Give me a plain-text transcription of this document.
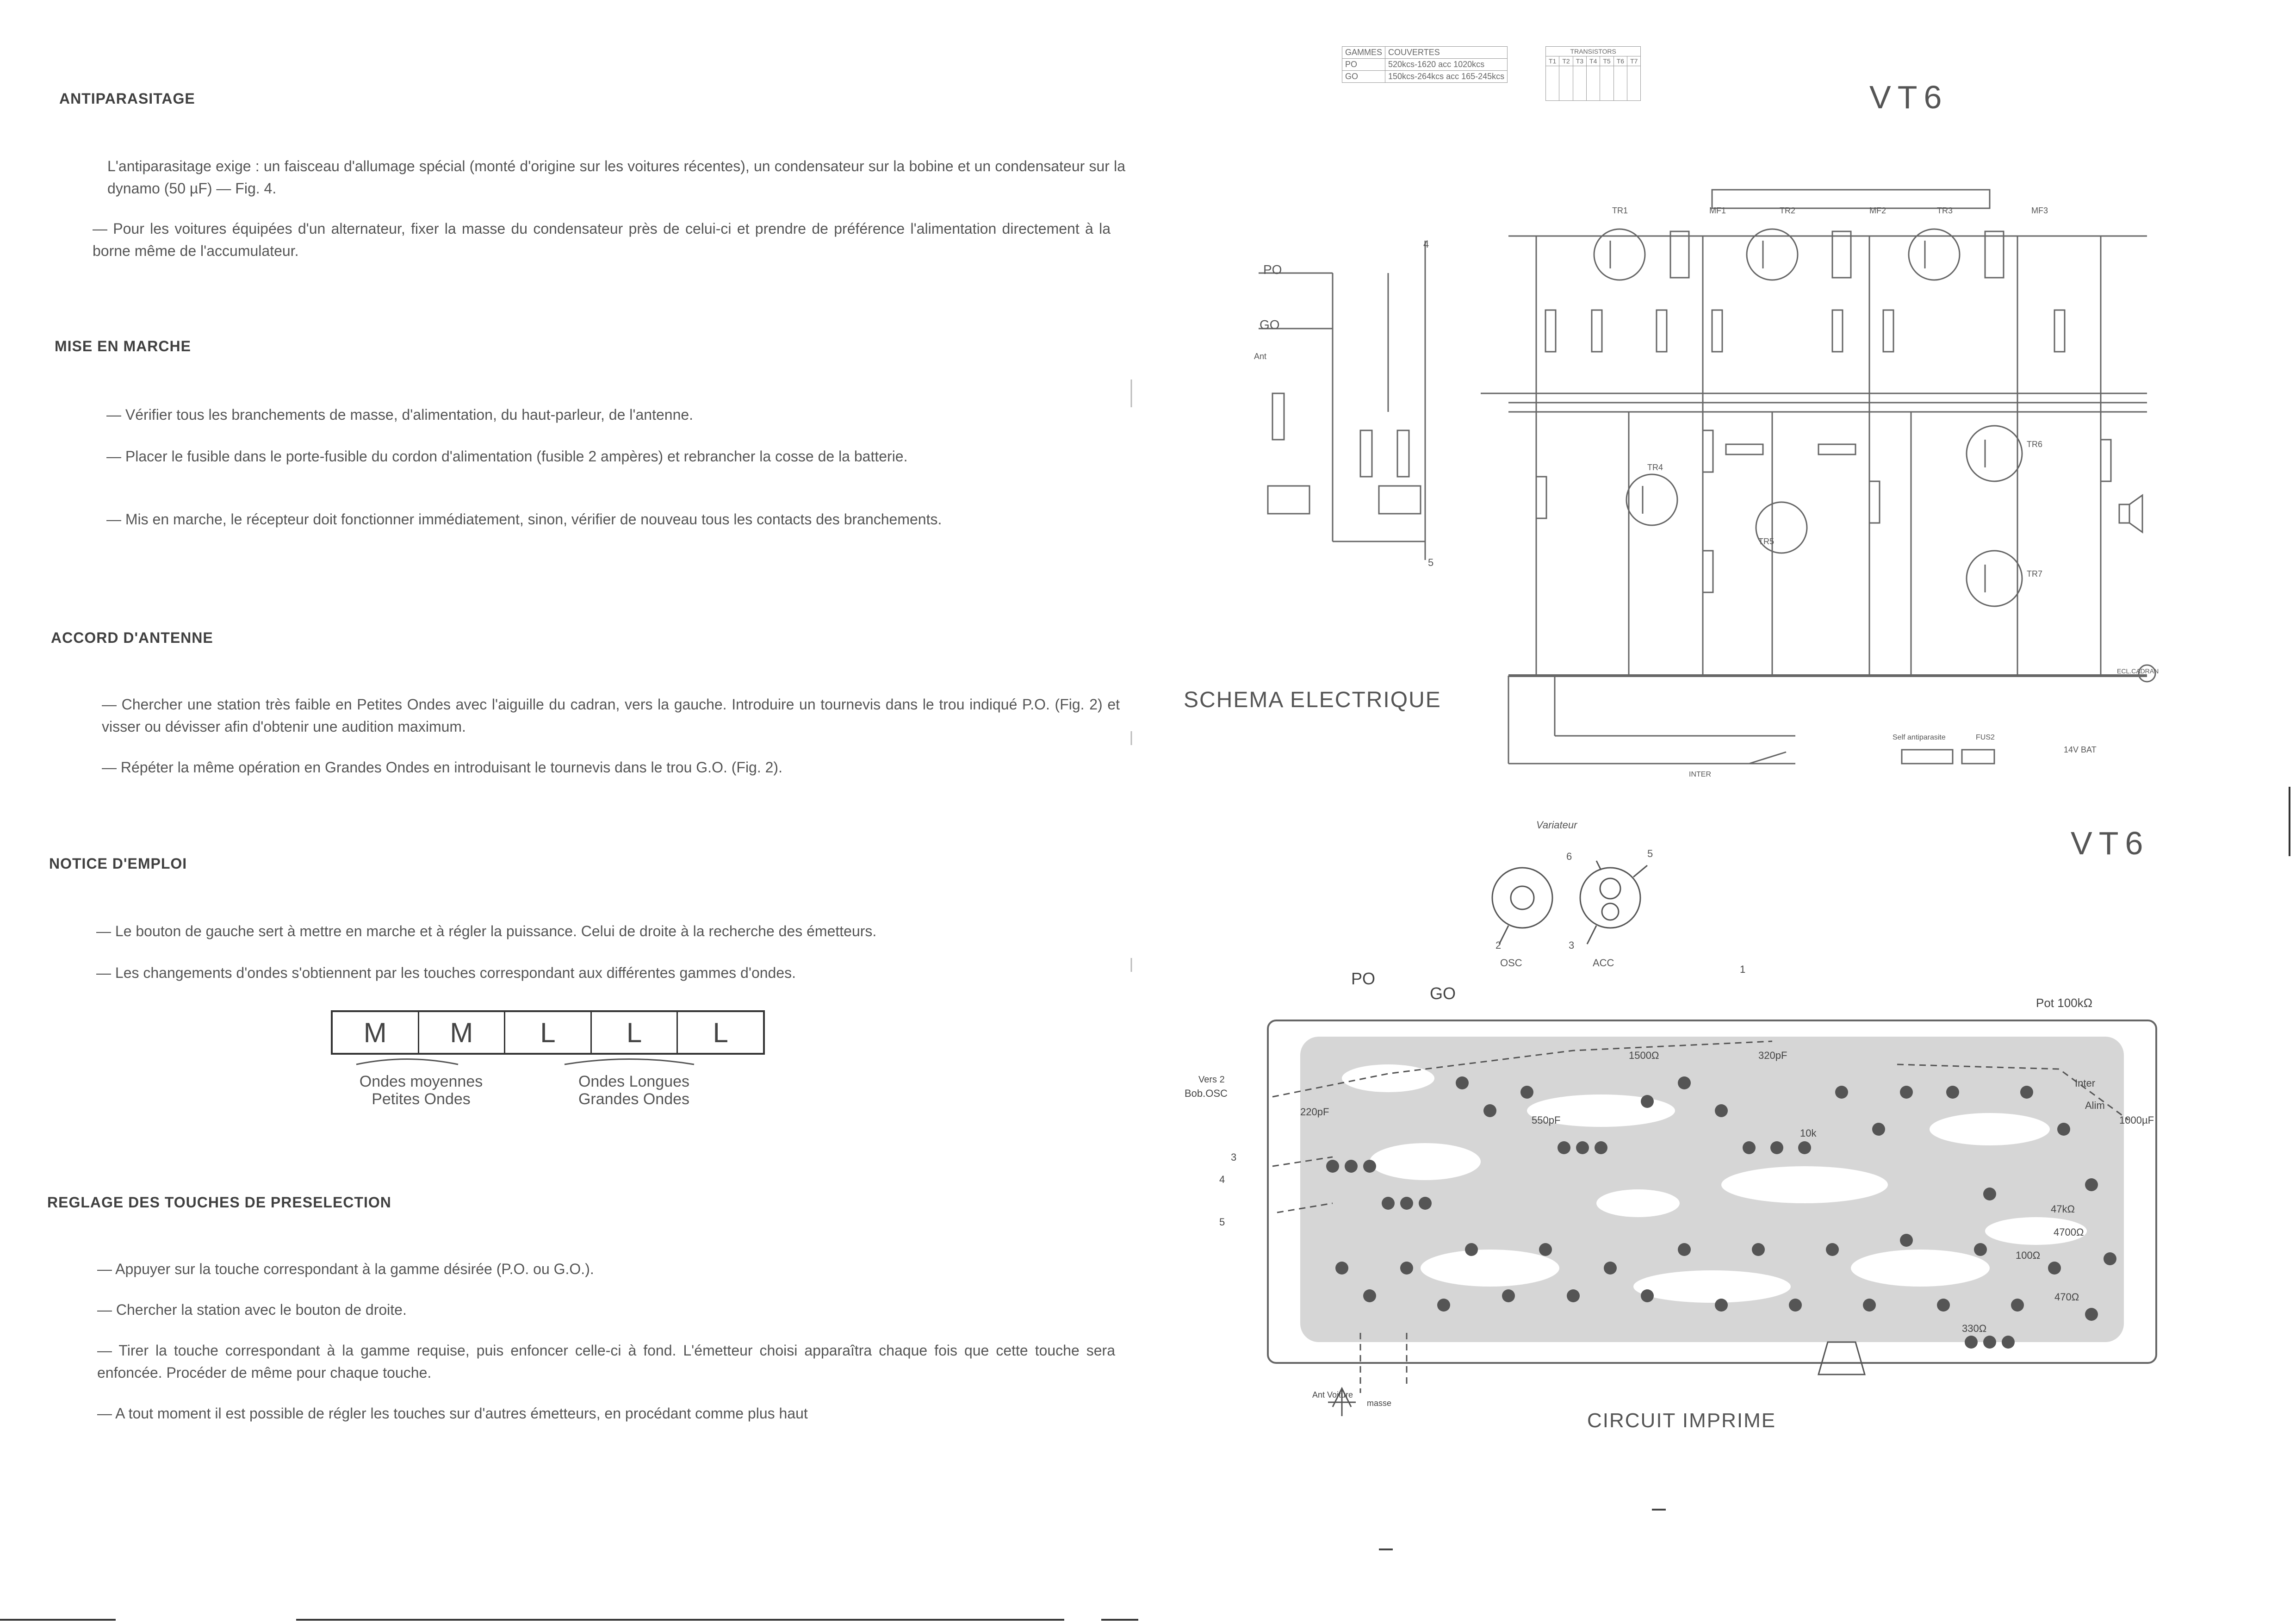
ANTIPARASITAGE
L'antiparasitage exige : un faisceau d'allumage spécial (monté d'origine sur les voitures récentes), un condensateur sur la bobine et un condensateur sur la dynamo (50 µF) — Fig. 4.
— Pour les voitures équipées d'un alternateur, fixer la masse du condensateur près de celui-ci et prendre de préférence l'alimentation directement à la borne même de l'accumulateur.
MISE EN MARCHE
— Vérifier tous les branchements de masse, d'alimentation, du haut-parleur, de l'antenne.
— Placer le fusible dans le porte-fusible du cordon d'alimentation (fusible 2 ampères) et rebrancher la cosse de la batterie.
— Mis en marche, le récepteur doit fonctionner immédiatement, sinon, vérifier de nouveau tous les contacts des branchements.
ACCORD D'ANTENNE
— Chercher une station très faible en Petites Ondes avec l'aiguille du cadran, vers la gauche. Introduire un tournevis dans le trou indiqué P.O. (Fig. 2) et visser ou dévisser afin d'obtenir une audition maximum.
— Répéter la même opération en Grandes Ondes en introduisant le tournevis dans le trou G.O. (Fig. 2).
NOTICE D'EMPLOI
— Le bouton de gauche sert à mettre en marche et à régler la puissance. Celui de droite à la recherche des émetteurs.
— Les changements d'ondes s'obtiennent par les touches correspondant aux différentes gammes d'ondes.
M	M	L	L	L
Ondes moyennes
Petites Ondes
Ondes Longues
Grandes Ondes
REGLAGE DES TOUCHES DE PRESELECTION
— Appuyer sur la touche correspondant à la gamme désirée (P.O. ou G.O.).
— Chercher la station avec le bouton de droite.
— Tirer la touche correspondant à la gamme requise, puis enfoncer celle-ci à fond. L'émetteur choisi apparaîtra chaque fois que cette touche sera enfoncée. Procéder de même pour chaque touche.
— A tout moment il est possible de régler les touches sur d'autres émetteurs, en procédant comme plus haut
GAMMES	COUVERTES
PO	520kcs-1620 acc 1020kcs
GO	150kcs-264kcs acc 165-245kcs
TRANSISTORS						
T1	T2	T3	T4	T5	T6	T7

VT6
PO
GO
Ant
TR1	TR2	TR3
TR4
TR5
TR6
TR7
MF1	MF2	MF3
INTER
Self antiparasite	FUS2
14V BAT
ECL.CADRAN
4
5
SCHEMA ELECTRIQUE
VT6
Variateur
OSC	ACC
6	5
2	3
PO
GO	Pot 100kΩ
Vers 2
Bob.OSC
3
4
5
1
Ant Voiture
masse
1500Ω	320pF
220pF
550pF
47kΩ
470Ω
10k
100Ω
4700Ω
330Ω
1000µF
Inter
Alim
CIRCUIT IMPRIME
